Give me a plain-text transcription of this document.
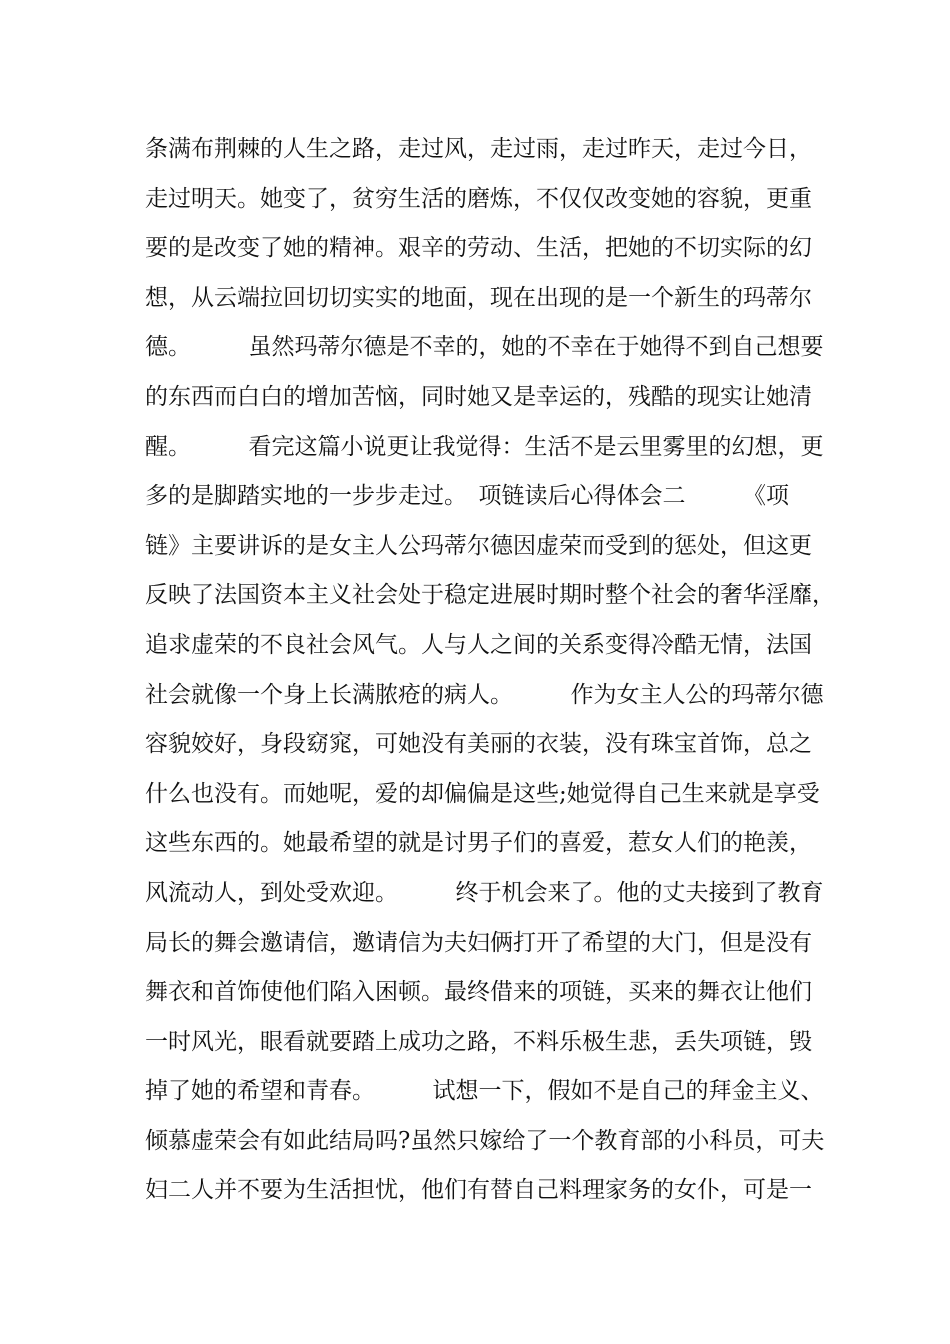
条满布荆棘的人生之路，走过风，走过雨，走过昨天，走过今日，
走过明天。她变了，贫穷生活的磨炼，不仅仅改变她的容貌，更重
要的是改变了她的精神。艰辛的劳动、生活，把她的不切实际的幻
想，从云端拉回切切实实的地面，现在出现的是一个新生的玛蒂尔
德。　　　虽然玛蒂尔德是不幸的，她的不幸在于她得不到自己想要
的东西而白白的增加苦恼，同时她又是幸运的，残酷的现实让她清
醒。　　　看完这篇小说更让我觉得：生活不是云里雾里的幻想，更
多的是脚踏实地的一步步走过。　项链读后心得体会二　　　《项
链》主要讲诉的是女主人公玛蒂尔德因虚荣而受到的惩处，但这更
反映了法国资本主义社会处于稳定进展时期时整个社会的奢华淫靡，
追求虚荣的不良社会风气。人与人之间的关系变得冷酷无情，法国
社会就像一个身上长满脓疮的病人。　　　作为女主人公的玛蒂尔德
容貌姣好，身段窈窕，可她没有美丽的衣装，没有珠宝首饰，总之
什么也没有。而她呢，爱的却偏偏是这些;她觉得自己生来就是享受
这些东西的。她最希望的就是讨男子们的喜爱，惹女人们的艳羡，
风流动人，到处受欢迎。　　　终于机会来了。他的丈夫接到了教育
局长的舞会邀请信，邀请信为夫妇俩打开了希望的大门，但是没有
舞衣和首饰使他们陷入困顿。最终借来的项链，买来的舞衣让他们
一时风光，眼看就要踏上成功之路，不料乐极生悲，丢失项链，毁
掉了她的希望和青春。　　　试想一下，假如不是自己的拜金主义、
倾慕虚荣会有如此结局吗?虽然只嫁给了一个教育部的小科员，可夫
妇二人并不要为生活担忧，他们有替自己料理家务的女仆，可是一
